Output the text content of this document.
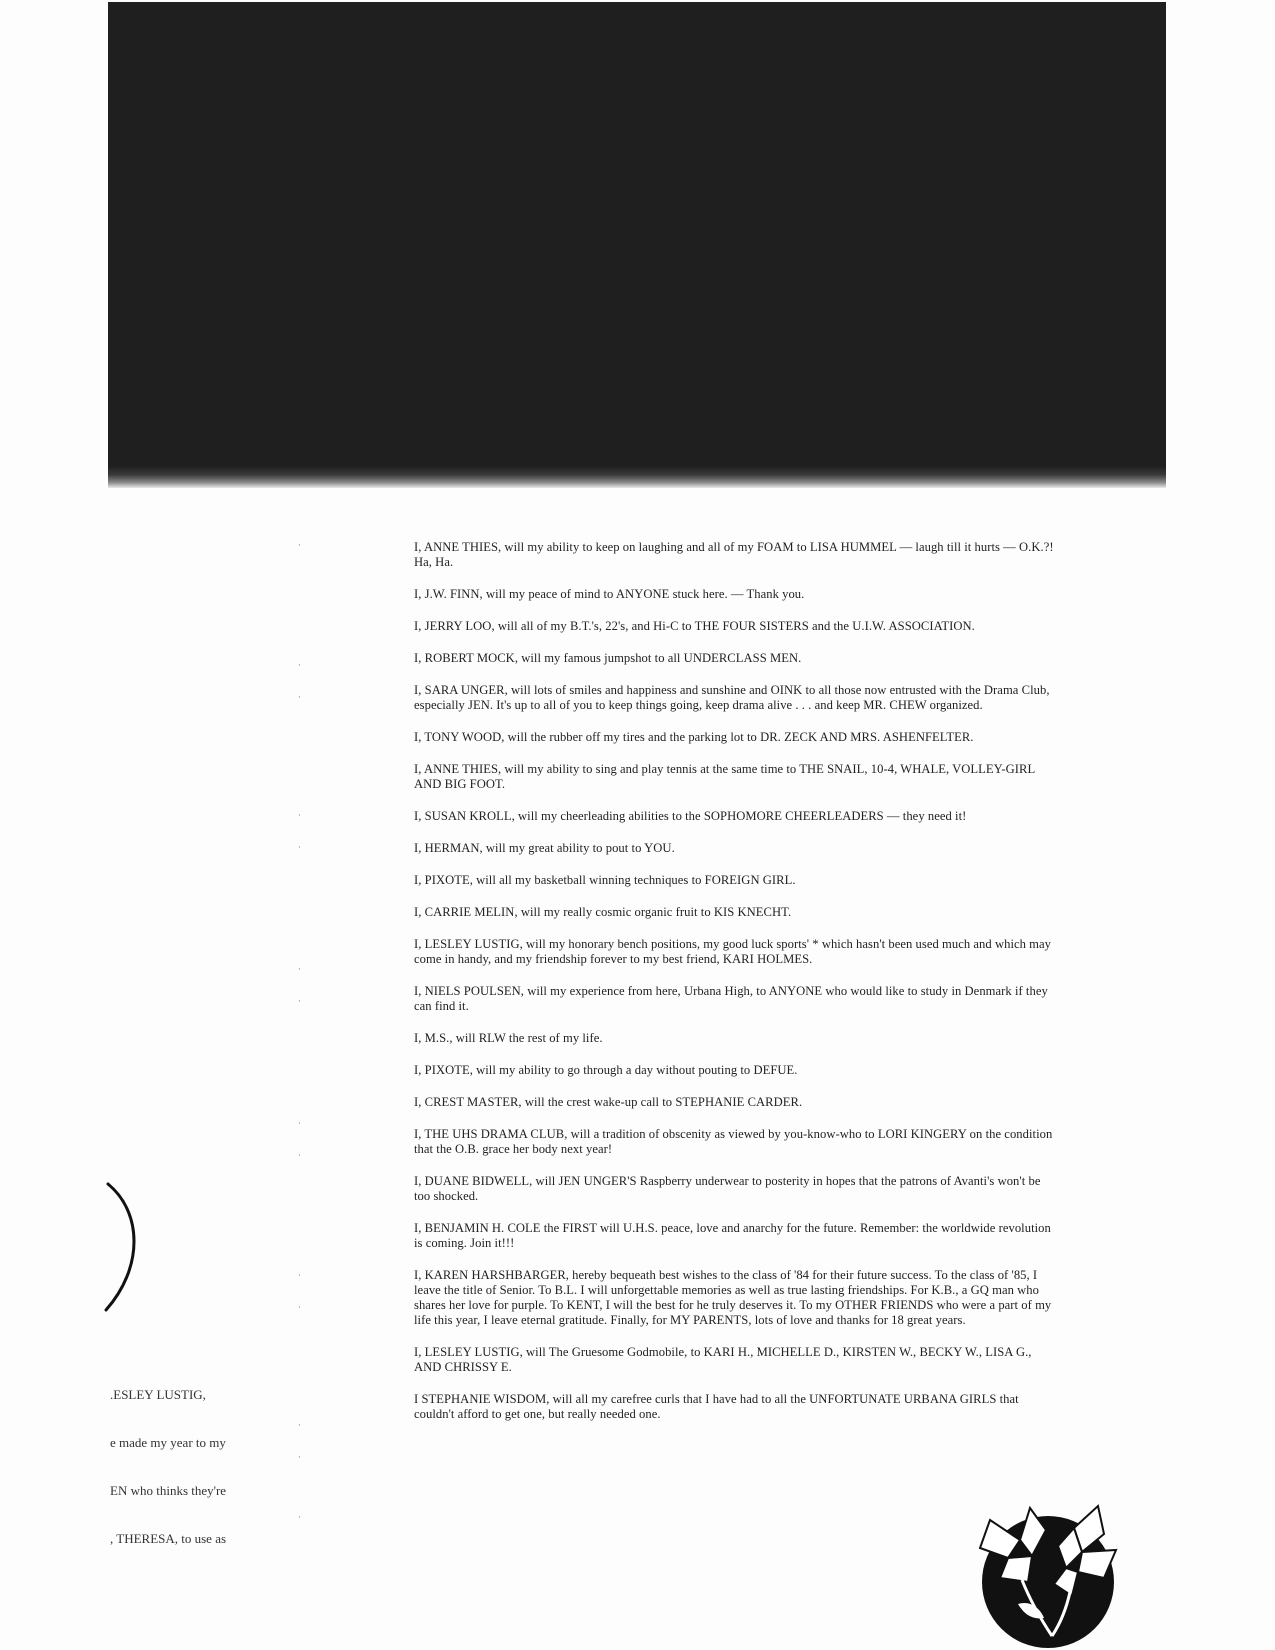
I, ANNE THIES, will my ability to keep on laughing and all of my FOAM to LISA HUMMEL — laugh till it hurts — O.K.?! Ha, Ha.

I, J.W. FINN, will my peace of mind to ANYONE stuck here. — Thank you.

I, JERRY LOO, will all of my B.T.'s, 22's, and Hi-C to THE FOUR SISTERS and the U.I.W. ASSOCIATION.

I, ROBERT MOCK, will my famous jumpshot to all UNDERCLASS MEN.

I, SARA UNGER, will lots of smiles and happiness and sunshine and OINK to all those now entrusted with the Drama Club, especially JEN. It's up to all of you to keep things going, keep drama alive . . . and keep MR. CHEW organized.

I, TONY WOOD, will the rubber off my tires and the parking lot to DR. ZECK AND MRS. ASHENFELTER.

I, ANNE THIES, will my ability to sing and play tennis at the same time to THE SNAIL, 10-4, WHALE, VOLLEY-GIRL AND BIG FOOT.

I, SUSAN KROLL, will my cheerleading abilities to the SOPHOMORE CHEERLEADERS — they need it!

I, HERMAN, will my great ability to pout to YOU.

I, PIXOTE, will all my basketball winning techniques to FOREIGN GIRL.

I, CARRIE MELIN, will my really cosmic organic fruit to KIS KNECHT.

I, LESLEY LUSTIG, will my honorary bench positions, my good luck sports' * which hasn't been used much and which may come in handy, and my friendship forever to my best friend, KARI HOLMES.

I, NIELS POULSEN, will my experience from here, Urbana High, to ANYONE who would like to study in Denmark if they can find it.

I, M.S., will RLW the rest of my life.

I, PIXOTE, will my ability to go through a day without pouting to DEFUE.

I, CREST MASTER, will the crest wake-up call to STEPHANIE CARDER.

I, THE UHS DRAMA CLUB, will a tradition of obscenity as viewed by you-know-who to LORI KINGERY on the condition that the O.B. grace her body next year!

I, DUANE BIDWELL, will JEN UNGER'S Raspberry underwear to posterity in hopes that the patrons of Avanti's won't be too shocked.

I, BENJAMIN H. COLE the FIRST will U.H.S. peace, love and anarchy for the future. Remember: the worldwide revolution is coming. Join it!!!

I, KAREN HARSHBARGER, hereby bequeath best wishes to the class of '84 for their future success. To the class of '85, I leave the title of Senior. To B.L. I will unforgettable memories as well as true lasting friendships. For K.B., a GQ man who shares her love for purple. To KENT, I will the best for he truly deserves it. To my OTHER FRIENDS who were a part of my life this year, I leave eternal gratitude. Finally, for MY PARENTS, lots of love and thanks for 18 great years.

I, LESLEY LUSTIG, will The Gruesome Godmobile, to KARI H., MICHELLE D., KIRSTEN W., BECKY W., LISA G., AND CHRISSY E.

I STEPHANIE WISDOM, will all my carefree curls that I have had to all the UNFORTUNATE URBANA GIRLS that couldn't afford to get one, but really needed one.

.ESLEY LUSTIG,
e made my year to my
EN who thinks they're
, THERESA, to use as
·
·
·
·
·
·
·
·
·
·
·
·
·
·
